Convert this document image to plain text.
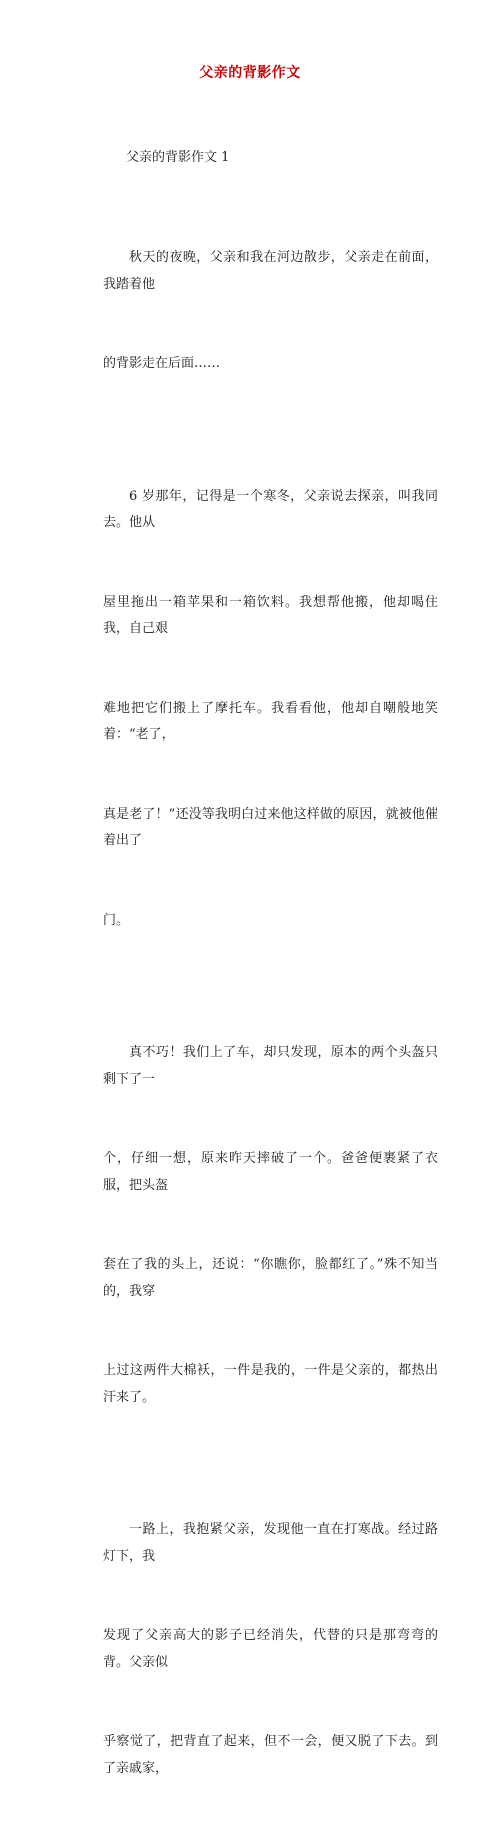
父亲的背影作文
父亲的背影作文 1

秋天的夜晚，父亲和我在河边散步，父亲走在前面，我踏着他

的背影走在后面……

6 岁那年，记得是一个寒冬，父亲说去探亲，叫我同去。他从

屋里拖出一箱苹果和一箱饮料。我想帮他搬，他却喝住我，自己艰

难地把它们搬上了摩托车。我看看他，他却自嘲般地笑着：“老了，

真是老了！”还没等我明白过来他这样做的原因，就被他催着出了

门。

真不巧！我们上了车，却只发现，原本的两个头盔只剩下了一

个，仔细一想，原来昨天摔破了一个。爸爸便裹紧了衣服，把头盔

套在了我的头上，还说：“你瞧你，脸都红了。”殊不知当的，我穿

上过这两件大棉袄，一件是我的，一件是父亲的，都热出汗来了。

一路上，我抱紧父亲，发现他一直在打寒战。经过路灯下，我

发现了父亲高大的影子已经消失，代替的只是那弯弯的背。父亲似

乎察觉了，把背直了起来，但不一会，便又脱了下去。到了亲戚家，
